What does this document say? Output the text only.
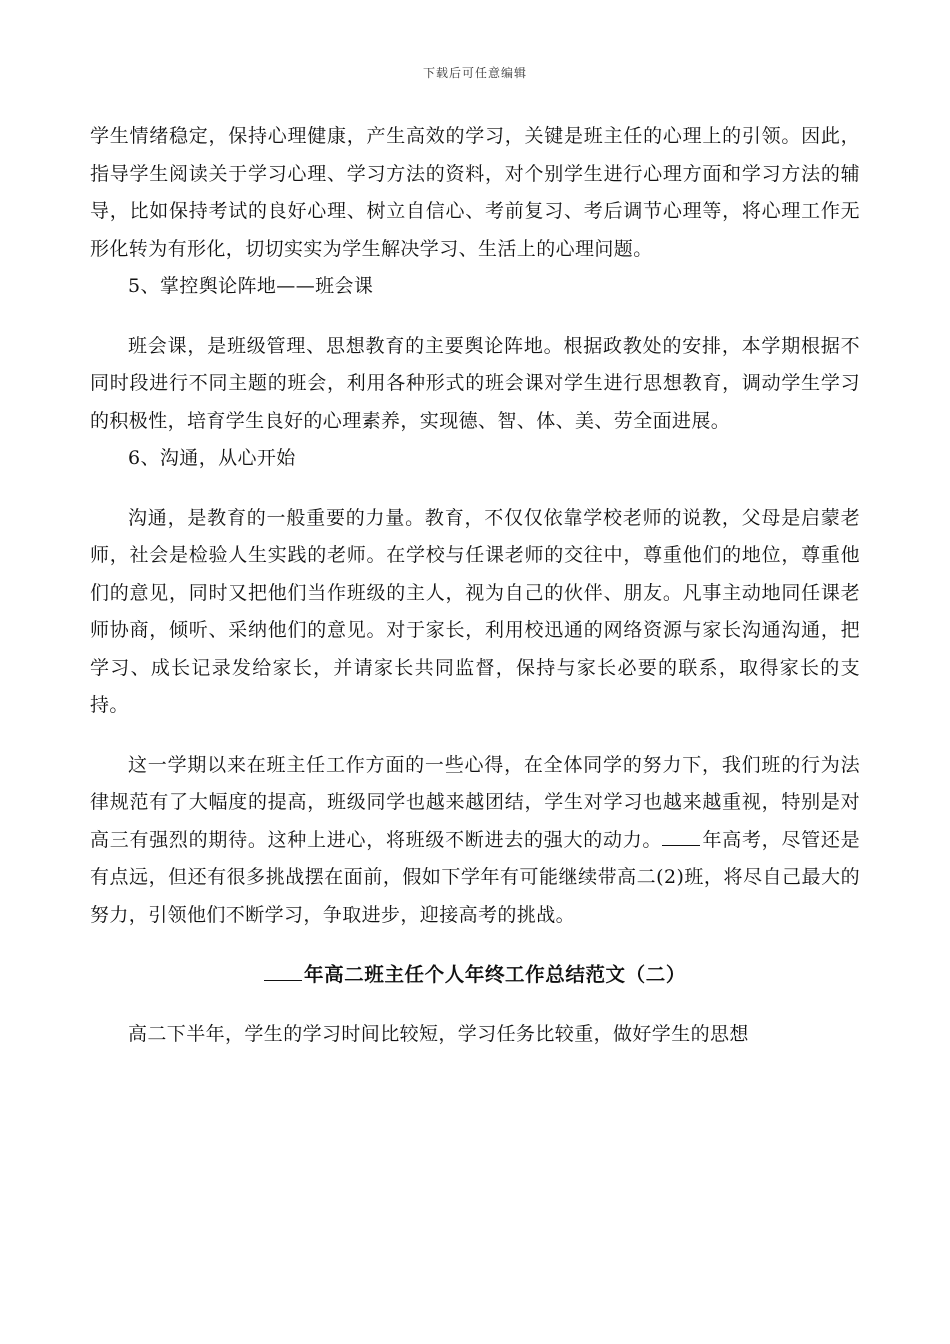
下载后可任意编辑

学生情绪稳定，保持心理健康，产生高效的学习，关键是班主任的心理上的引领。因此，指导学生阅读关于学习心理、学习方法的资料，对个别学生进行心理方面和学习方法的辅导，比如保持考试的良好心理、树立自信心、考前复习、考后调节心理等，将心理工作无形化转为有形化，切切实实为学生解决学习、生活上的心理问题。

5、掌控舆论阵地——班会课

班会课，是班级管理、思想教育的主要舆论阵地。根据政教处的安排，本学期根据不同时段进行不同主题的班会，利用各种形式的班会课对学生进行思想教育，调动学生学习的积极性，培育学生良好的心理素养，实现德、智、体、美、劳全面进展。

6、沟通，从心开始

沟通，是教育的一般重要的力量。教育，不仅仅依靠学校老师的说教，父母是启蒙老师，社会是检验人生实践的老师。在学校与任课老师的交往中，尊重他们的地位，尊重他们的意见，同时又把他们当作班级的主人，视为自己的伙伴、朋友。凡事主动地同任课老师协商，倾听、采纳他们的意见。对于家长，利用校迅通的网络资源与家长沟通沟通，把学习、成长记录发给家长，并请家长共同监督，保持与家长必要的联系，取得家长的支持。

这一学期以来在班主任工作方面的一些心得，在全体同学的努力下，我们班的行为法律规范有了大幅度的提高，班级同学也越来越团结，学生对学习也越来越重视，特别是对高三有强烈的期待。这种上进心，将班级不断进去的强大的动力。 年高考，尽管还是有点远，但还有很多挑战摆在面前，假如下学年有可能继续带高二(2)班，将尽自己最大的努力，引领他们不断学习，争取进步，迎接高考的挑战。

年高二班主任个人年终工作总结范文（二）

高二下半年，学生的学习时间比较短，学习任务比较重，做好学生的思想
